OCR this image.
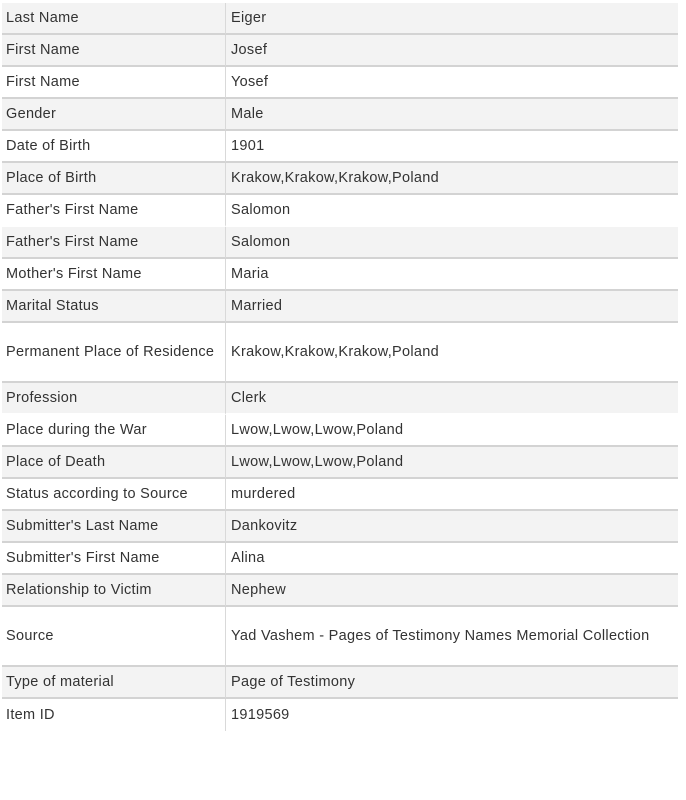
Last Name	Eiger
First Name	Josef
First Name	Yosef
Gender	Male
Date of Birth	1901
Place of Birth	Krakow,Krakow,Krakow,Poland
Father's First Name	Salomon
Father's First Name	Salomon
Mother's First Name	Maria
Marital Status	Married
Permanent Place of Residence	Krakow,Krakow,Krakow,Poland
Profession	Clerk
Place during the War	Lwow,Lwow,Lwow,Poland
Place of Death	Lwow,Lwow,Lwow,Poland
Status according to Source	murdered
Submitter's Last Name	Dankovitz
Submitter's First Name	Alina
Relationship to Victim	Nephew
Source	Yad Vashem - Pages of Testimony Names Memorial Collection
Type of material	Page of Testimony
Item ID	1919569
